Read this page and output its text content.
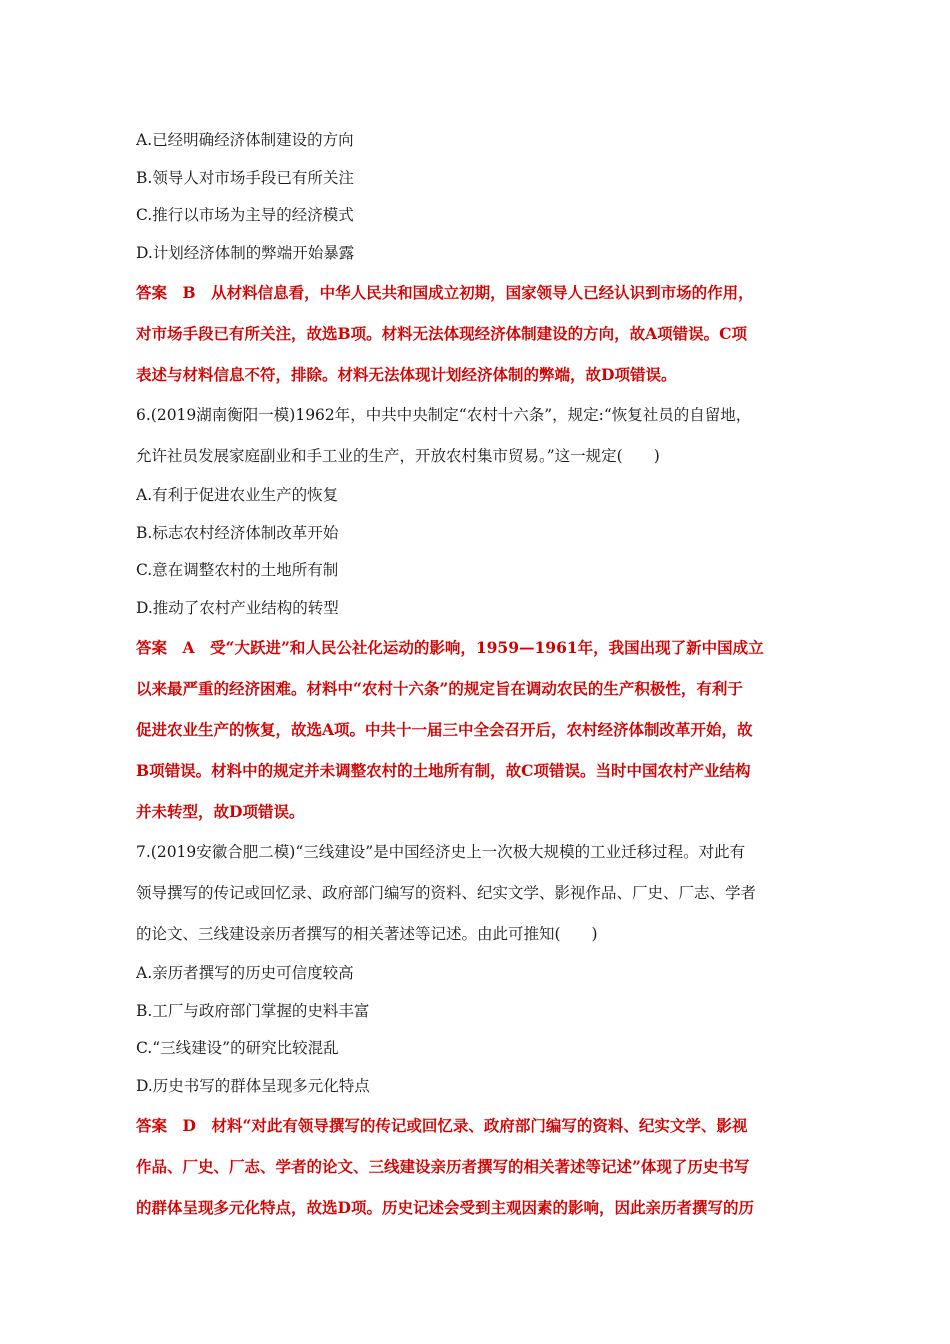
A.已经明确经济体制建设的方向
B.领导人对市场手段已有所关注
C.推行以市场为主导的经济模式
D.计划经济体制的弊端开始暴露
答案　B　从材料信息看，中华人民共和国成立初期，国家领导人已经认识到市场的作用，
对市场手段已有所关注，故选B项。材料无法体现经济体制建设的方向，故A项错误。C项
表述与材料信息不符，排除。材料无法体现计划经济体制的弊端，故D项错误。
6.(2019湖南衡阳一模)1962年，中共中央制定“农村十六条”，规定:“恢复社员的自留地，
允许社员发展家庭副业和手工业的生产，开放农村集市贸易。”这一规定(　　)
A.有利于促进农业生产的恢复
B.标志农村经济体制改革开始
C.意在调整农村的土地所有制
D.推动了农村产业结构的转型
答案　A　受“大跃进”和人民公社化运动的影响，1959—1961年，我国出现了新中国成立
以来最严重的经济困难。材料中“农村十六条”的规定旨在调动农民的生产积极性，有利于
促进农业生产的恢复，故选A项。中共十一届三中全会召开后，农村经济体制改革开始，故
B项错误。材料中的规定并未调整农村的土地所有制，故C项错误。当时中国农村产业结构
并未转型，故D项错误。
7.(2019安徽合肥二模)“三线建设”是中国经济史上一次极大规模的工业迁移过程。对此有
领导撰写的传记或回忆录、政府部门编写的资料、纪实文学、影视作品、厂史、厂志、学者
的论文、三线建设亲历者撰写的相关著述等记述。由此可推知(　　)
A.亲历者撰写的历史可信度较高
B.工厂与政府部门掌握的史料丰富
C.“三线建设”的研究比较混乱
D.历史书写的群体呈现多元化特点
答案　D　材料“对此有领导撰写的传记或回忆录、政府部门编写的资料、纪实文学、影视
作品、厂史、厂志、学者的论文、三线建设亲历者撰写的相关著述等记述”体现了历史书写
的群体呈现多元化特点，故选D项。历史记述会受到主观因素的影响，因此亲历者撰写的历
